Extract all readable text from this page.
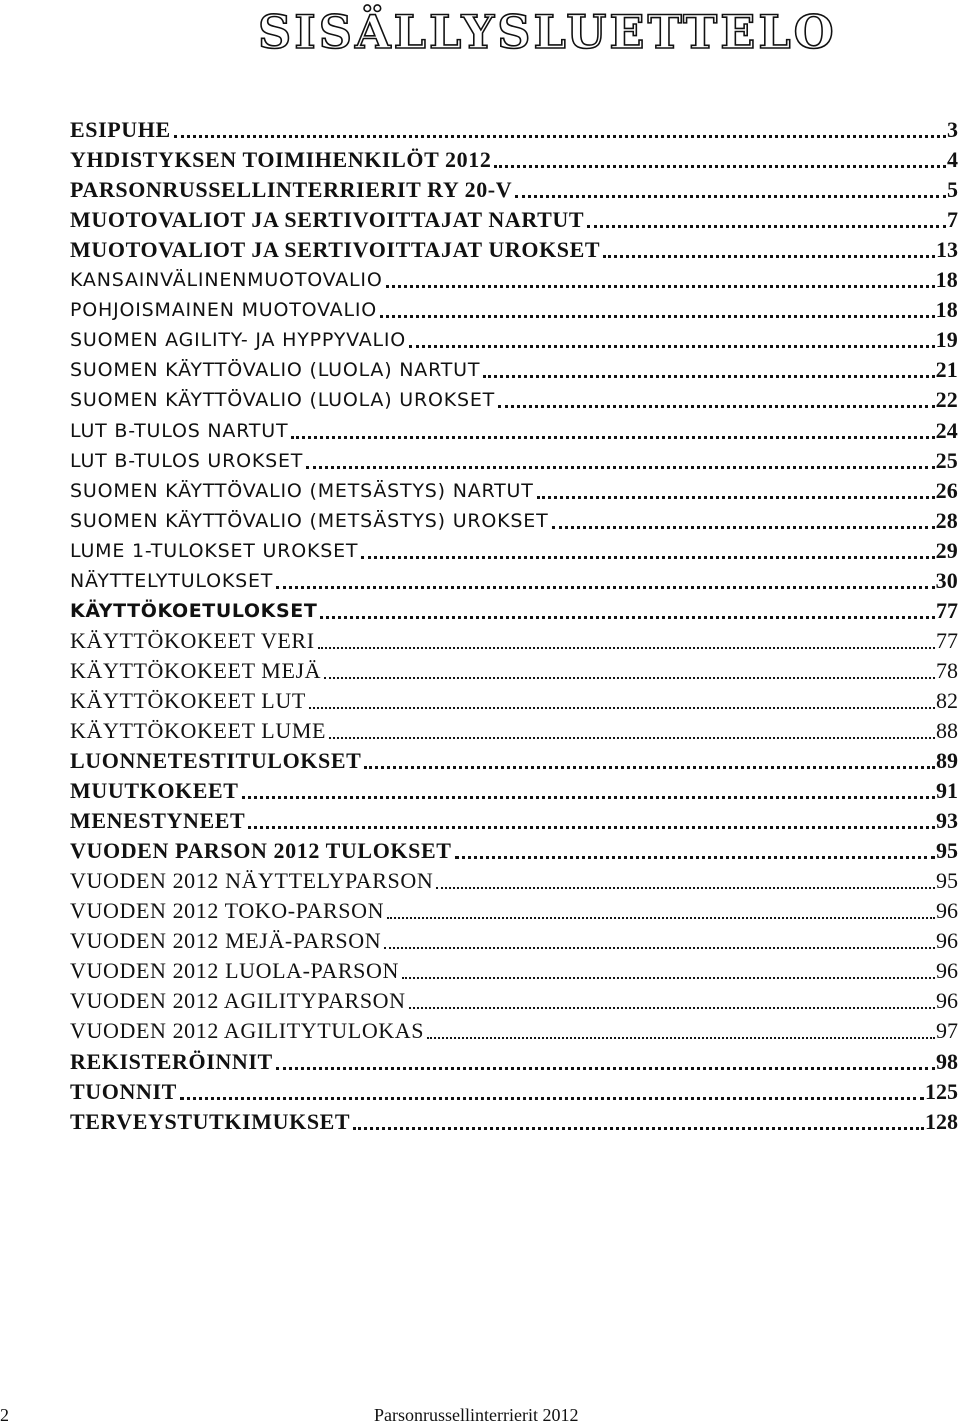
SISÄLLYSLUETTELO
ESIPUHE	3
YHDISTYKSEN TOIMIHENKILÖT 2012	4
PARSONRUSSELLINTERRIERIT RY 20-V	5
MUOTOVALIOT JA SERTIVOITTAJAT NARTUT	7
MUOTOVALIOT JA SERTIVOITTAJAT UROKSET	13
KANSAINVÄLINENMUOTOVALIO	18
POHJOISMAINEN MUOTOVALIO	18
SUOMEN AGILITY- JA HYPPYVALIO	19
SUOMEN KÄYTTÖVALIO (LUOLA) NARTUT	21
SUOMEN KÄYTTÖVALIO (LUOLA) UROKSET	22
LUT B-TULOS NARTUT	24
LUT B-TULOS UROKSET	25
SUOMEN KÄYTTÖVALIO (METSÄSTYS) NARTUT	26
SUOMEN KÄYTTÖVALIO (METSÄSTYS) UROKSET	28
LUME 1-TULOKSET UROKSET	29
NÄYTTELYTULOKSET	30
KÄYTTÖKOETULOKSET	77
KÄYTTÖKOKEET VERI	77
KÄYTTÖKOKEET MEJÄ	78
KÄYTTÖKOKEET LUT	82
KÄYTTÖKOKEET LUME	88
LUONNETESTITULOKSET	89
MUUTKOKEET	91
MENESTYNEET	93
VUODEN PARSON 2012 TULOKSET	95
VUODEN 2012 NÄYTTELYPARSON	95
VUODEN 2012 TOKO-PARSON	96
VUODEN 2012 MEJÄ-PARSON	96
VUODEN 2012 LUOLA-PARSON	96
VUODEN 2012 AGILITYPARSON	96
VUODEN 2012 AGILITYTULOKAS	97
REKISTERÖINNIT	98
TUONNIT	125
TERVEYSTUTKIMUKSET	128
2	Parsonrussellinterrierit 2012
